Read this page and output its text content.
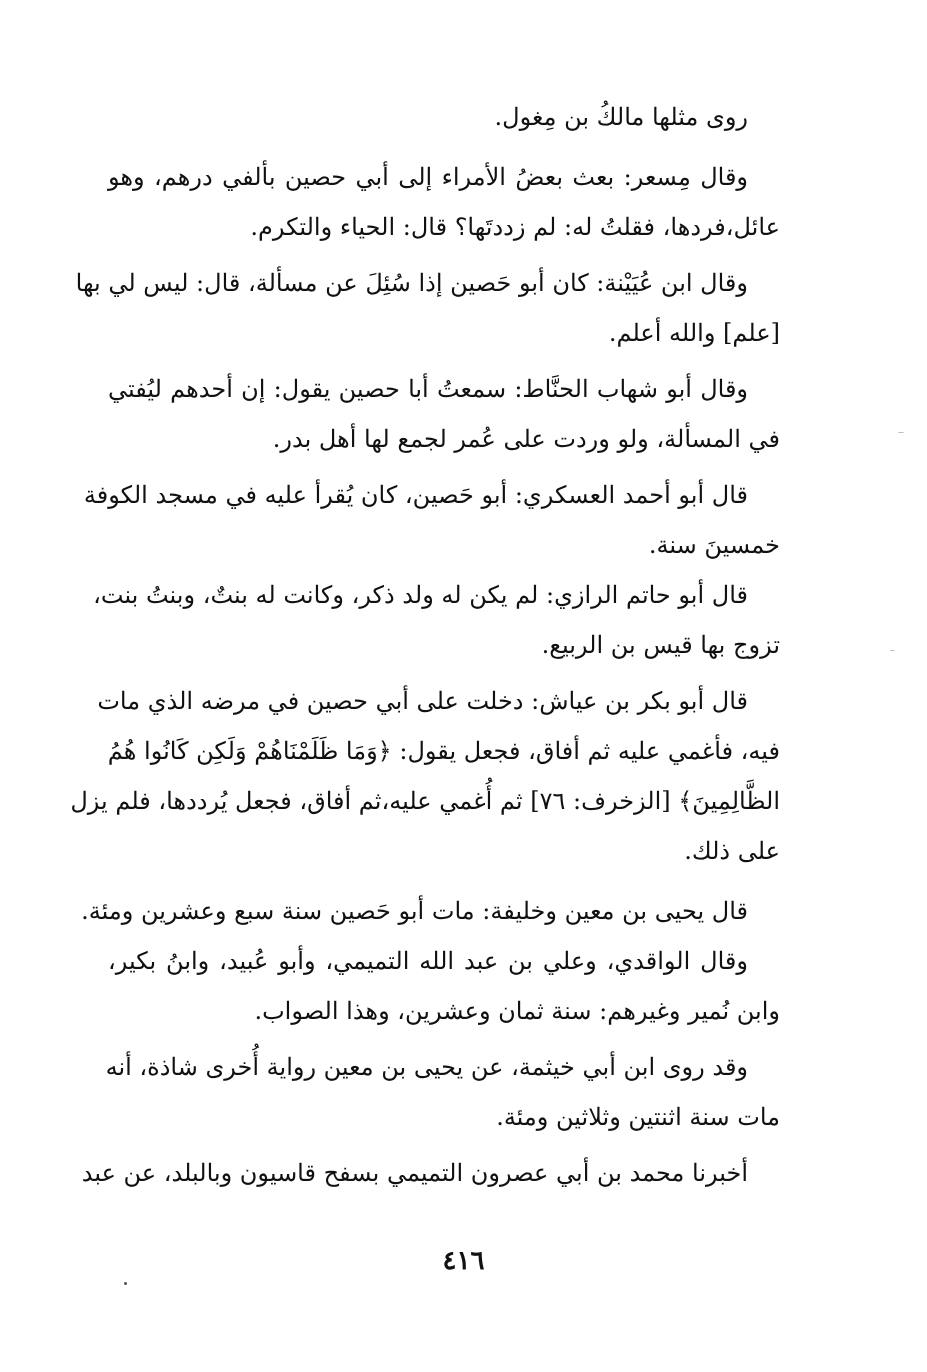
روى مثلها مالكُ بن مِغول.
وقال مِسعر: بعث بعضُ الأمراء إلى أبي حصين بألفي درهم، وهو
عائل،فردها، فقلتُ له: لم زددتَها؟ قال: الحياء والتكرم.
وقال ابن عُيَيْنة: كان أبو حَصين إذا سُئِلَ عن مسألة، قال: ليس لي بها
[علم] والله أعلم.
وقال أبو شهاب الحنَّاط: سمعتُ أبا حصين يقول: إن أحدهم ليُفتي
في المسألة، ولو وردت على عُمر لجمع لها أهل بدر.
قال أبو أحمد العسكري: أبو حَصين، كان يُقرأ عليه في مسجد الكوفة
خمسينَ سنة.
قال أبو حاتم الرازي: لم يكن له ولد ذكر، وكانت له بنتٌ، وبنتُ بنت،
تزوج بها قيس بن الربيع.
قال أبو بكر بن عياش: دخلت على أبي حصين في مرضه الذي مات
فيه، فأغمي عليه ثم أفاق، فجعل يقول: ﴿وَمَا ظَلَمْنَاهُمْ وَلَكِن كَانُوا هُمُ
الظَّالِمِينَ﴾ [الزخرف: ٧٦] ثم أُغمي عليه،ثم أفاق، فجعل يُرددها، فلم يزل
على ذلك.
قال يحيى بن معين وخليفة: مات أبو حَصين سنة سبع وعشرين ومئة.
وقال الواقدي، وعلي بن عبد الله التميمي، وأبو عُبيد، وابنُ بكير،
وابن نُمير وغيرهم: سنة ثمان وعشرين، وهذا الصواب.
وقد روى ابن أبي خيثمة، عن يحيى بن معين رواية أُخرى شاذة، أنه
مات سنة اثنتين وثلاثين ومئة.
أخبرنا محمد بن أبي عصرون التميمي بسفح قاسيون وبالبلد، عن عبد
٤١٦
